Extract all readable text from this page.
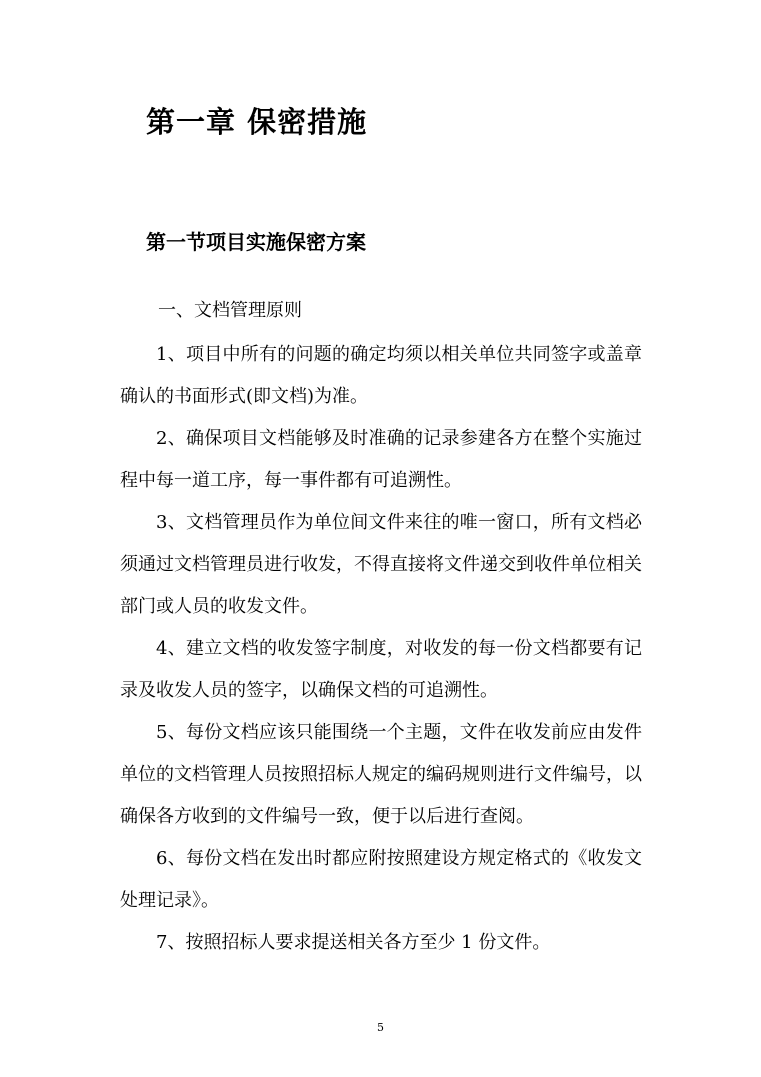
第一章 保密措施
第一节项目实施保密方案
一、文档管理原则

1、项目中所有的问题的确定均须以相关单位共同签字或盖章确认的书面形式(即文档)为准。

2、确保项目文档能够及时准确的记录参建各方在整个实施过程中每一道工序，每一事件都有可追溯性。

3、文档管理员作为单位间文件来往的唯一窗口，所有文档必须通过文档管理员进行收发，不得直接将文件递交到收件单位相关部门或人员的收发文件。

4、建立文档的收发签字制度，对收发的每一份文档都要有记录及收发人员的签字，以确保文档的可追溯性。

5、每份文档应该只能围绕一个主题，文件在收发前应由发件单位的文档管理人员按照招标人规定的编码规则进行文件编号，以确保各方收到的文件编号一致，便于以后进行查阅。

6、每份文档在发出时都应附按照建设方规定格式的《收发文处理记录》。

7、按照招标人要求提送相关各方至少 1 份文件。

5
